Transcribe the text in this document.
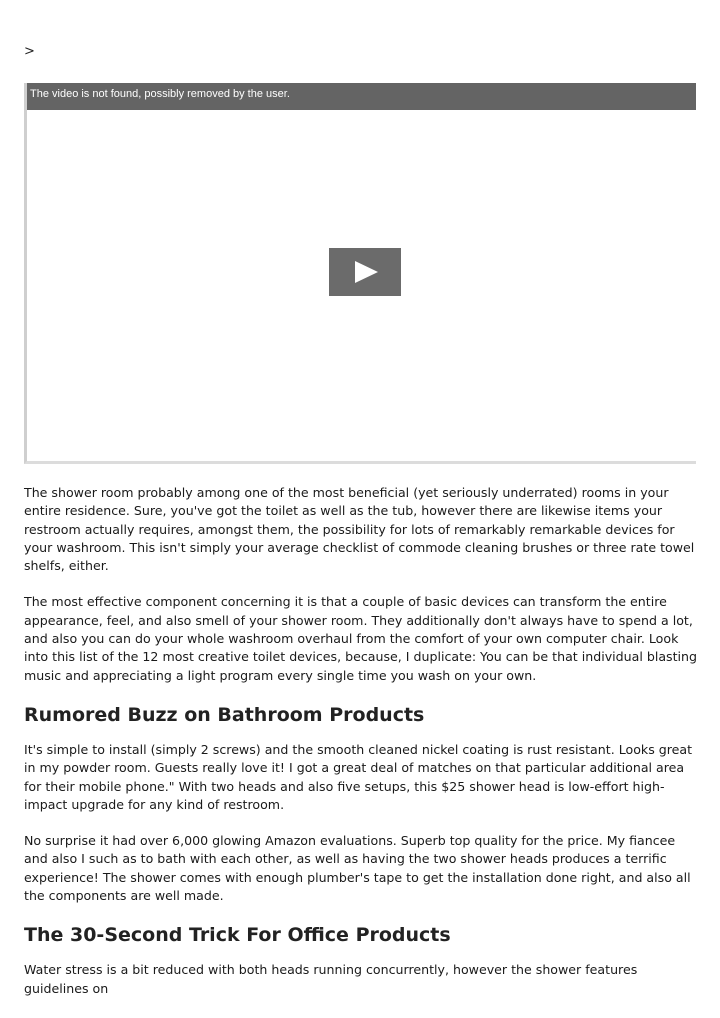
>
The video is not found, possibly removed by the user.

The shower room probably among one of the most beneficial (yet seriously underrated) rooms in your entire residence. Sure, you've got the toilet as well as the tub, however there are likewise items your restroom actually requires, amongst them, the possibility for lots of remarkably remarkable devices for your washroom. This isn't simply your average checklist of commode cleaning brushes or three rate towel shelfs, either.

The most effective component concerning it is that a couple of basic devices can transform the entire appearance, feel, and also smell of your shower room. They additionally don't always have to spend a lot, and also you can do your whole washroom overhaul from the comfort of your own computer chair. Look into this list of the 12 most creative toilet devices, because, I duplicate: You can be that individual blasting music and appreciating a light program every single time you wash on your own.

Rumored Buzz on Bathroom Products

It's simple to install (simply 2 screws) and the smooth cleaned nickel coating is rust resistant. Looks great in my powder room. Guests really love it! I got a great deal of matches on that particular additional area for their mobile phone." With two heads and also five setups, this $25 shower head is low-effort high-impact upgrade for any kind of restroom.

No surprise it had over 6,000 glowing Amazon evaluations. Superb top quality for the price. My fiancee and also I such as to bath with each other, as well as having the two shower heads produces a terrific experience! The shower comes with enough plumber's tape to get the installation done right, and also all the components are well made.

The 30-Second Trick For Office Products

Water stress is a bit reduced with both heads running concurrently, however the shower features guidelines on
